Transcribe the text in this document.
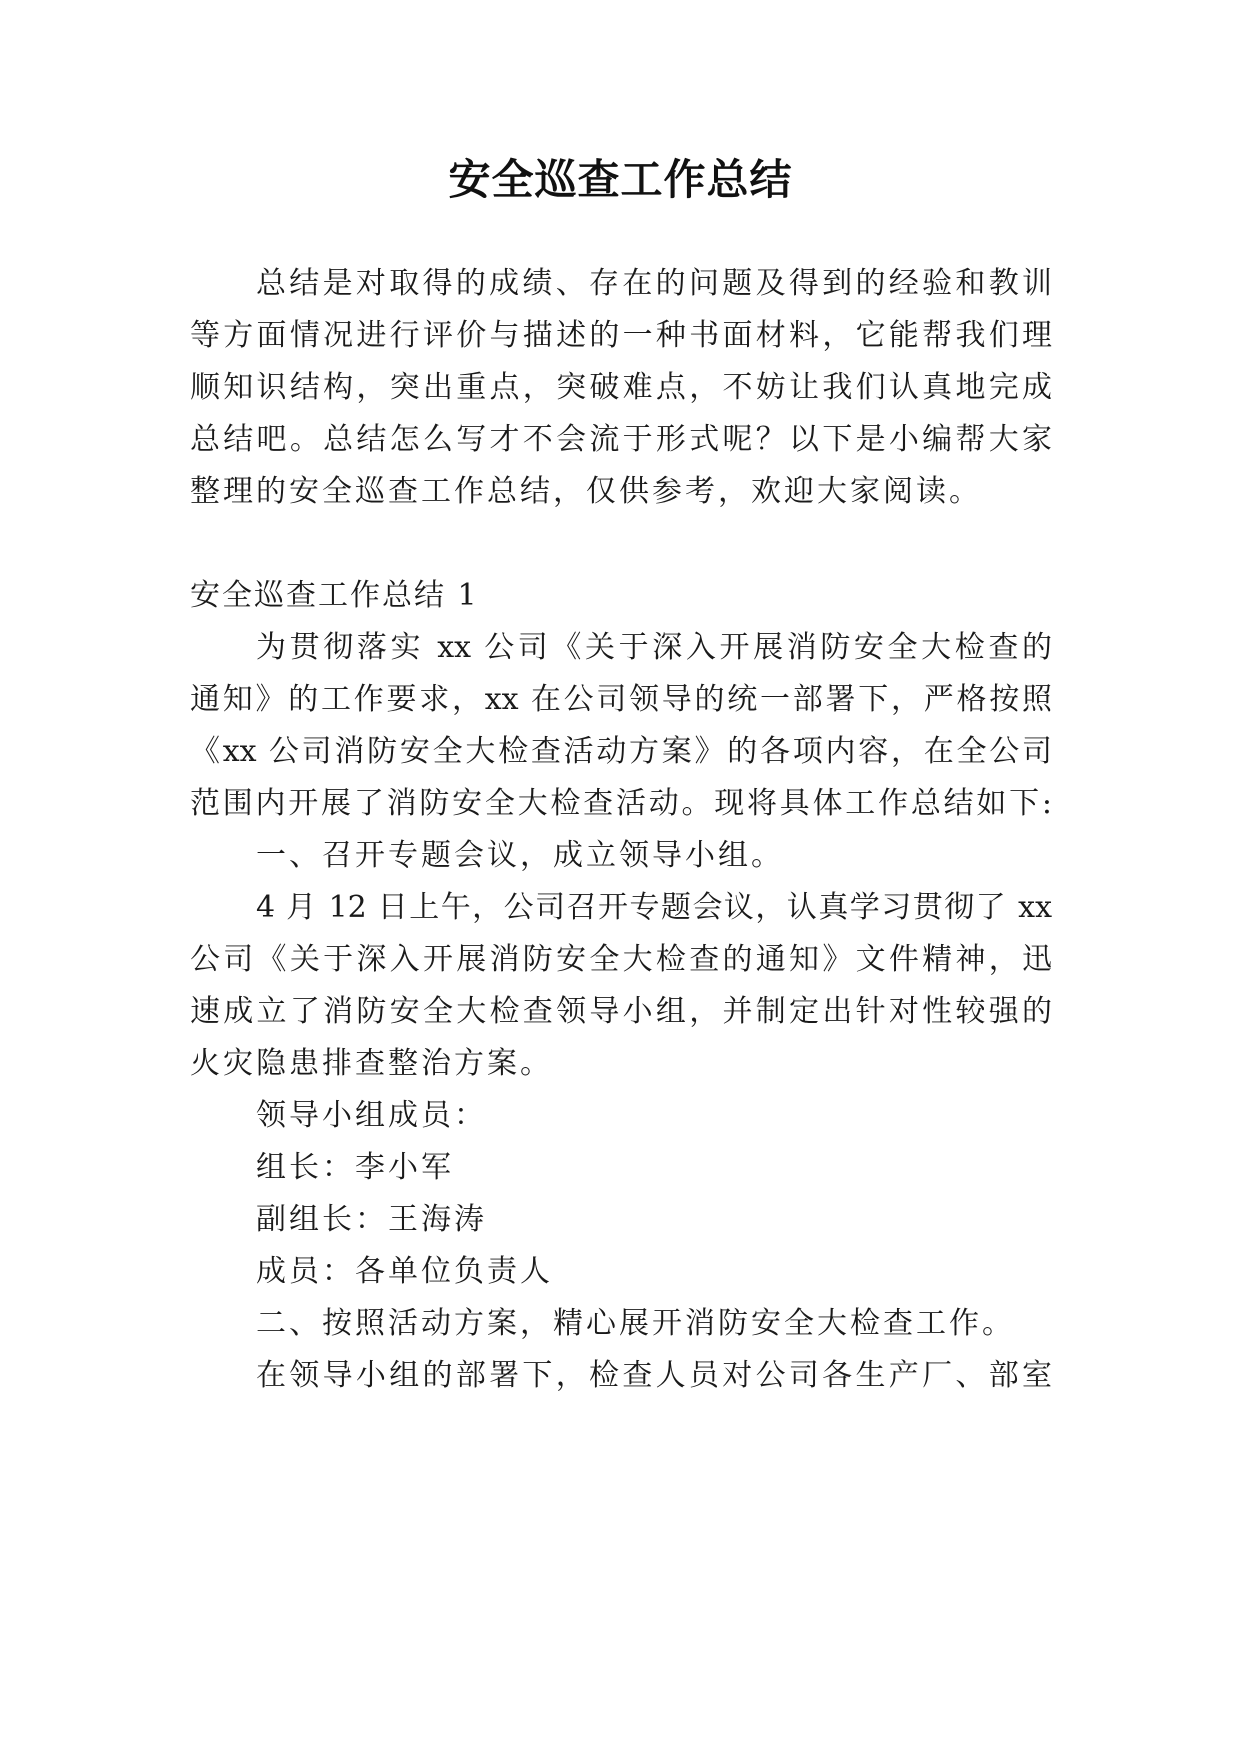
安全巡查工作总结
总结是对取得的成绩、存在的问题及得到的经验和教训
等方面情况进行评价与描述的一种书面材料，它能帮我们理
顺知识结构，突出重点，突破难点，不妨让我们认真地完成
总结吧。总结怎么写才不会流于形式呢？以下是小编帮大家
整理的安全巡查工作总结，仅供参考，欢迎大家阅读。
安全巡查工作总结 1
为贯彻落实 xx 公司《关于深入开展消防安全大检查的
通知》的工作要求，xx 在公司领导的统一部署下，严格按照
《xx 公司消防安全大检查活动方案》的各项内容，在全公司
范围内开展了消防安全大检查活动。现将具体工作总结如下:
一、召开专题会议，成立领导小组。
4 月 12 日上午，公司召开专题会议，认真学习贯彻了 xx
公司《关于深入开展消防安全大检查的通知》文件精神，迅
速成立了消防安全大检查领导小组，并制定出针对性较强的
火灾隐患排查整治方案。
领导小组成员：
组长：李小军
副组长：王海涛
成员：各单位负责人
二、按照活动方案，精心展开消防安全大检查工作。
在领导小组的部署下，检查人员对公司各生产厂、部室
